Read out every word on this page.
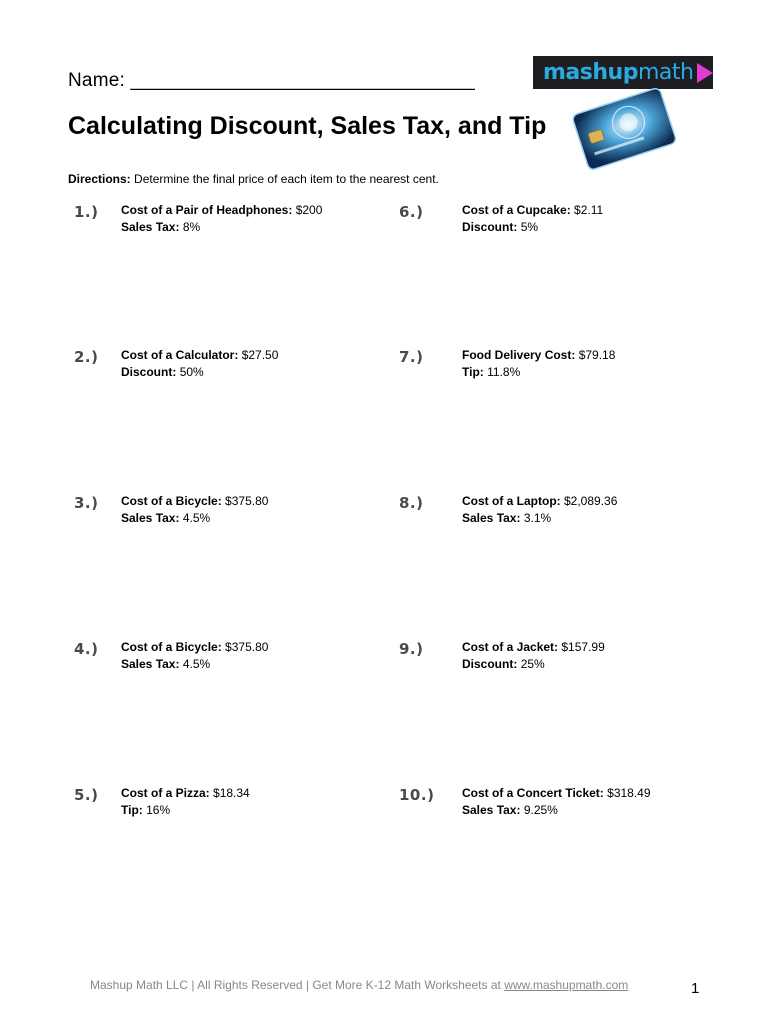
Name: ________________________________	mashupmath
Calculating Discount, Sales Tax, and Tip
Directions: Determine the final price of each item to the nearest cent.
1.) Cost of a Pair of Headphones: $200
Sales Tax: 8%
2.) Cost of a Calculator: $27.50
Discount: 50%
3.) Cost of a Bicycle: $375.80
Sales Tax: 4.5%
4.) Cost of a Bicycle: $375.80
Sales Tax: 4.5%
5.) Cost of a Pizza: $18.34
Tip: 16%
6.)	Cost of a Cupcake: $2.11
Discount: 5%
7.)	Food Delivery Cost: $79.18
Tip: 11.8%
8.)	Cost of a Laptop: $2,089.36
Sales Tax: 3.1%
9.)	Cost of a Jacket: $157.99
Discount: 25%
10.) Cost of a Concert Ticket: $318.49
Sales Tax: 9.25%
Mashup Math LLC | All Rights Reserved | Get More K-12 Math Worksheets at www.mashupmath.com	1
